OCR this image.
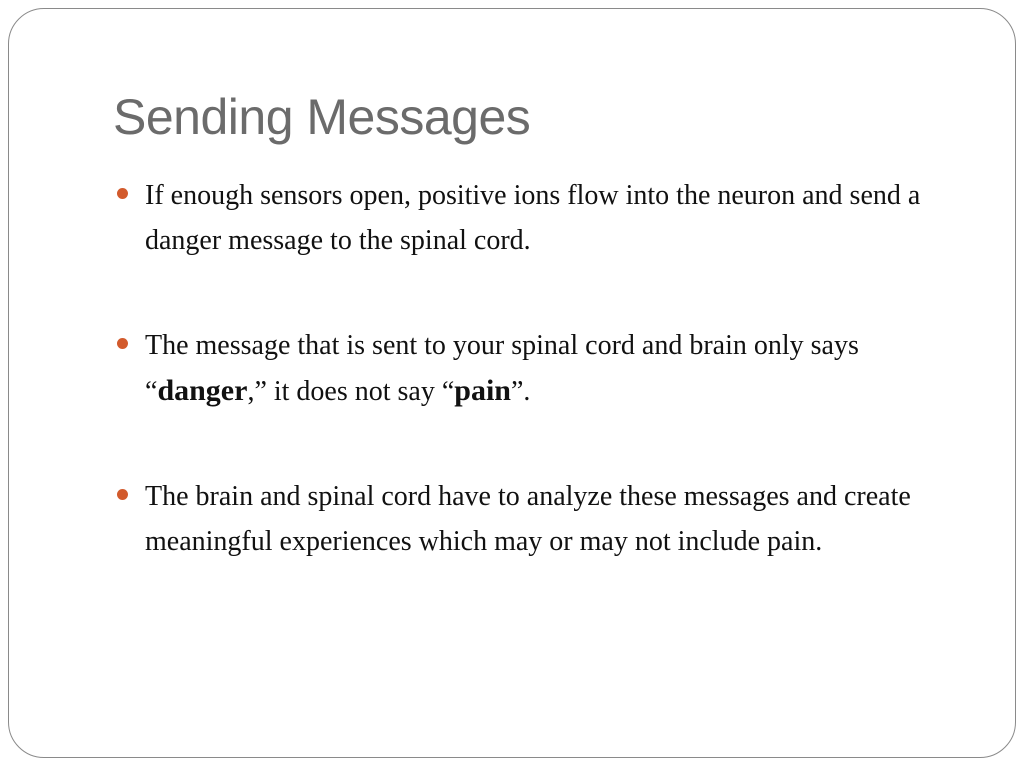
Sending Messages
If enough sensors open, positive ions flow into the neuron and send a danger message to the spinal cord.
The message that is sent to your spinal cord and brain only says “danger,” it does not say “pain”.
The brain and spinal cord have to analyze these messages and create meaningful experiences which may or may not include pain.
